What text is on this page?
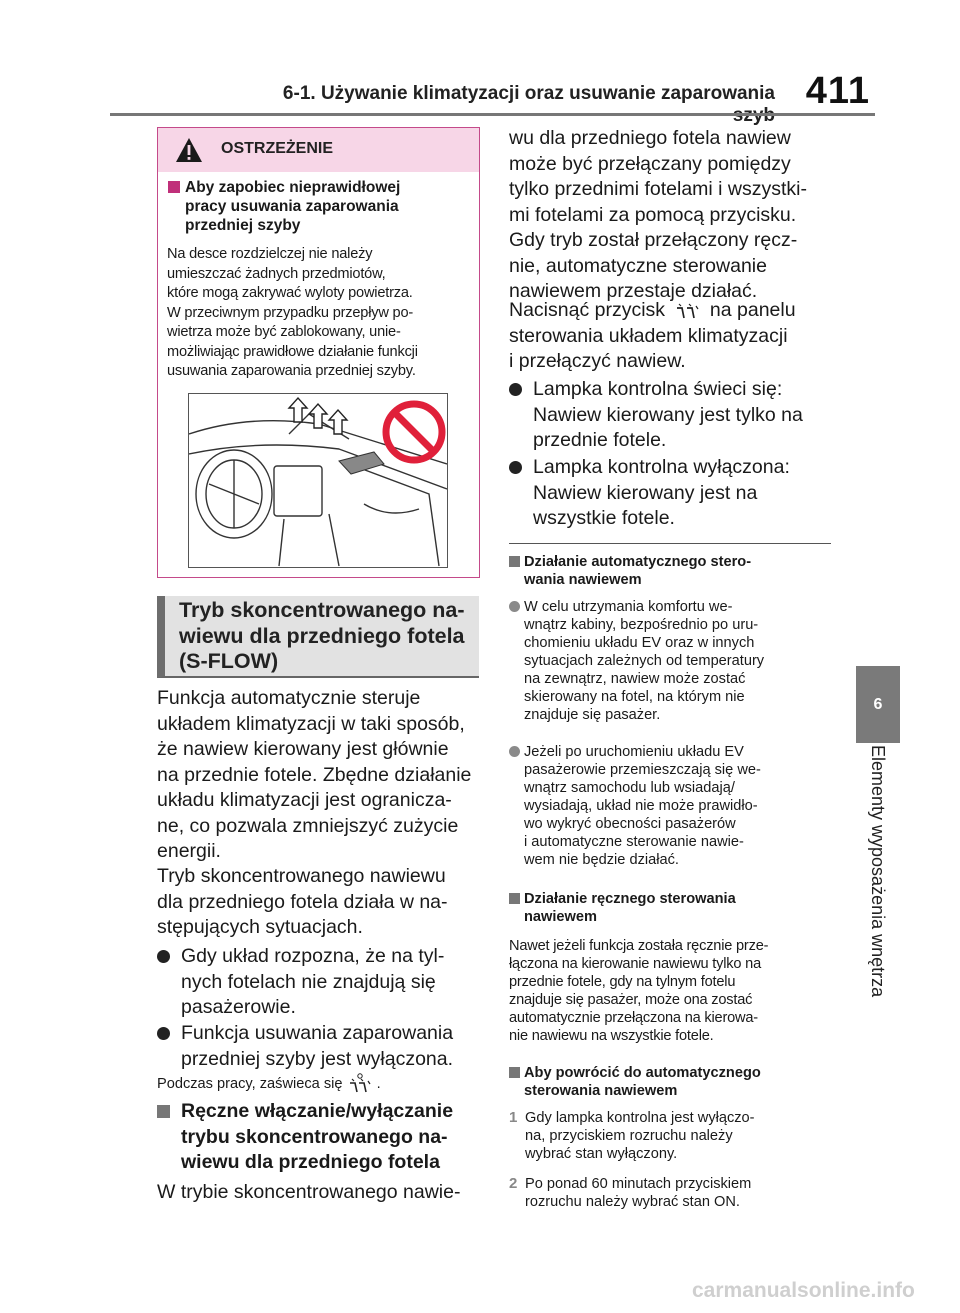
6-1. Używanie klimatyzacji oraz usuwanie zaparowania 411
6
Elementy wyposażenia wnętrza
OSTRZEŻENIE
Aby zapobiec nieprawidłowej
pracy usuwania zaparowania
przedniej szyby
Na desce rozdzielczej nie należy
umieszczać żadnych przedmiotów,
które mogą zakrywać wyloty powietrza.
W przeciwnym przypadku przepływ po-
wietrza może być zablokowany, unie-
możliwiając prawidłowe działanie funkcji
usuwania zaparowania przedniej szyby.
Tryb skoncentrowanego na-
wiewu dla przedniego fotela
(S-FLOW)
Funkcja automatycznie steruje
układem klimatyzacji w taki sposób,
że nawiew kierowany jest głównie
na przednie fotele. Zbędne działanie
układu klimatyzacji jest ogranicza-
ne, co pozwala zmniejszyć zużycie
energii.
Tryb skoncentrowanego nawiewu
dla przedniego fotela działa w na-
stępujących sytuacjach.
Gdy układ rozpozna, że na tyl-
nych fotelach nie znajdują się
pasażerowie.
Funkcja usuwania zaparowania
przedniej szyby jest wyłączona.
Podczas pracy, zaświeca się .
Ręczne włączanie/wyłączanie
trybu skoncentrowanego na-
wiewu dla przedniego fotela
W trybie skoncentrowanego nawie-
wu dla przedniego fotela nawiew
może być przełączany pomiędzy
tylko przednimi fotelami i wszystki-
mi fotelami za pomocą przycisku.
Gdy tryb został przełączony ręcz-
nie, automatyczne sterowanie
nawiewem przestaje działać.
Nacisnąć przycisk na panelu
sterowania układem klimatyzacji
i przełączyć nawiew.
Lampka kontrolna świeci się:
Nawiew kierowany jest tylko na
przednie fotele.
Lampka kontrolna wyłączona:
Nawiew kierowany jest na
wszystkie fotele.
Działanie automatycznego stero-
wania nawiewem
W celu utrzymania komfortu we-
wnątrz kabiny, bezpośrednio po uru-
chomieniu układu EV oraz w innych
sytuacjach zależnych od temperatury
na zewnątrz, nawiew może zostać
skierowany na fotel, na którym nie
znajduje się pasażer.
Jeżeli po uruchomieniu układu EV
pasażerowie przemieszczają się we-
wnątrz samochodu lub wsiadają/
wysiadają, układ nie może prawidło-
wo wykryć obecności pasażerów
i automatyczne sterowanie nawie-
wem nie będzie działać.
Działanie ręcznego sterowania
nawiewem
Nawet jeżeli funkcja została ręcznie prze-
łączona na kierowanie nawiewu tylko na
przednie fotele, gdy na tylnym fotelu
znajduje się pasażer, może ona zostać
automatycznie przełączona na kierowa-
nie nawiewu na wszystkie fotele.
Aby powrócić do automatycznego
sterowania nawiewem
1 Gdy lampka kontrolna jest wyłączo-
na, przyciskiem rozruchu należy
wybrać stan wyłączony.
2 Po ponad 60 minutach przyciskiem
rozruchu należy wybrać stan ON.
carmanualsonline.info
